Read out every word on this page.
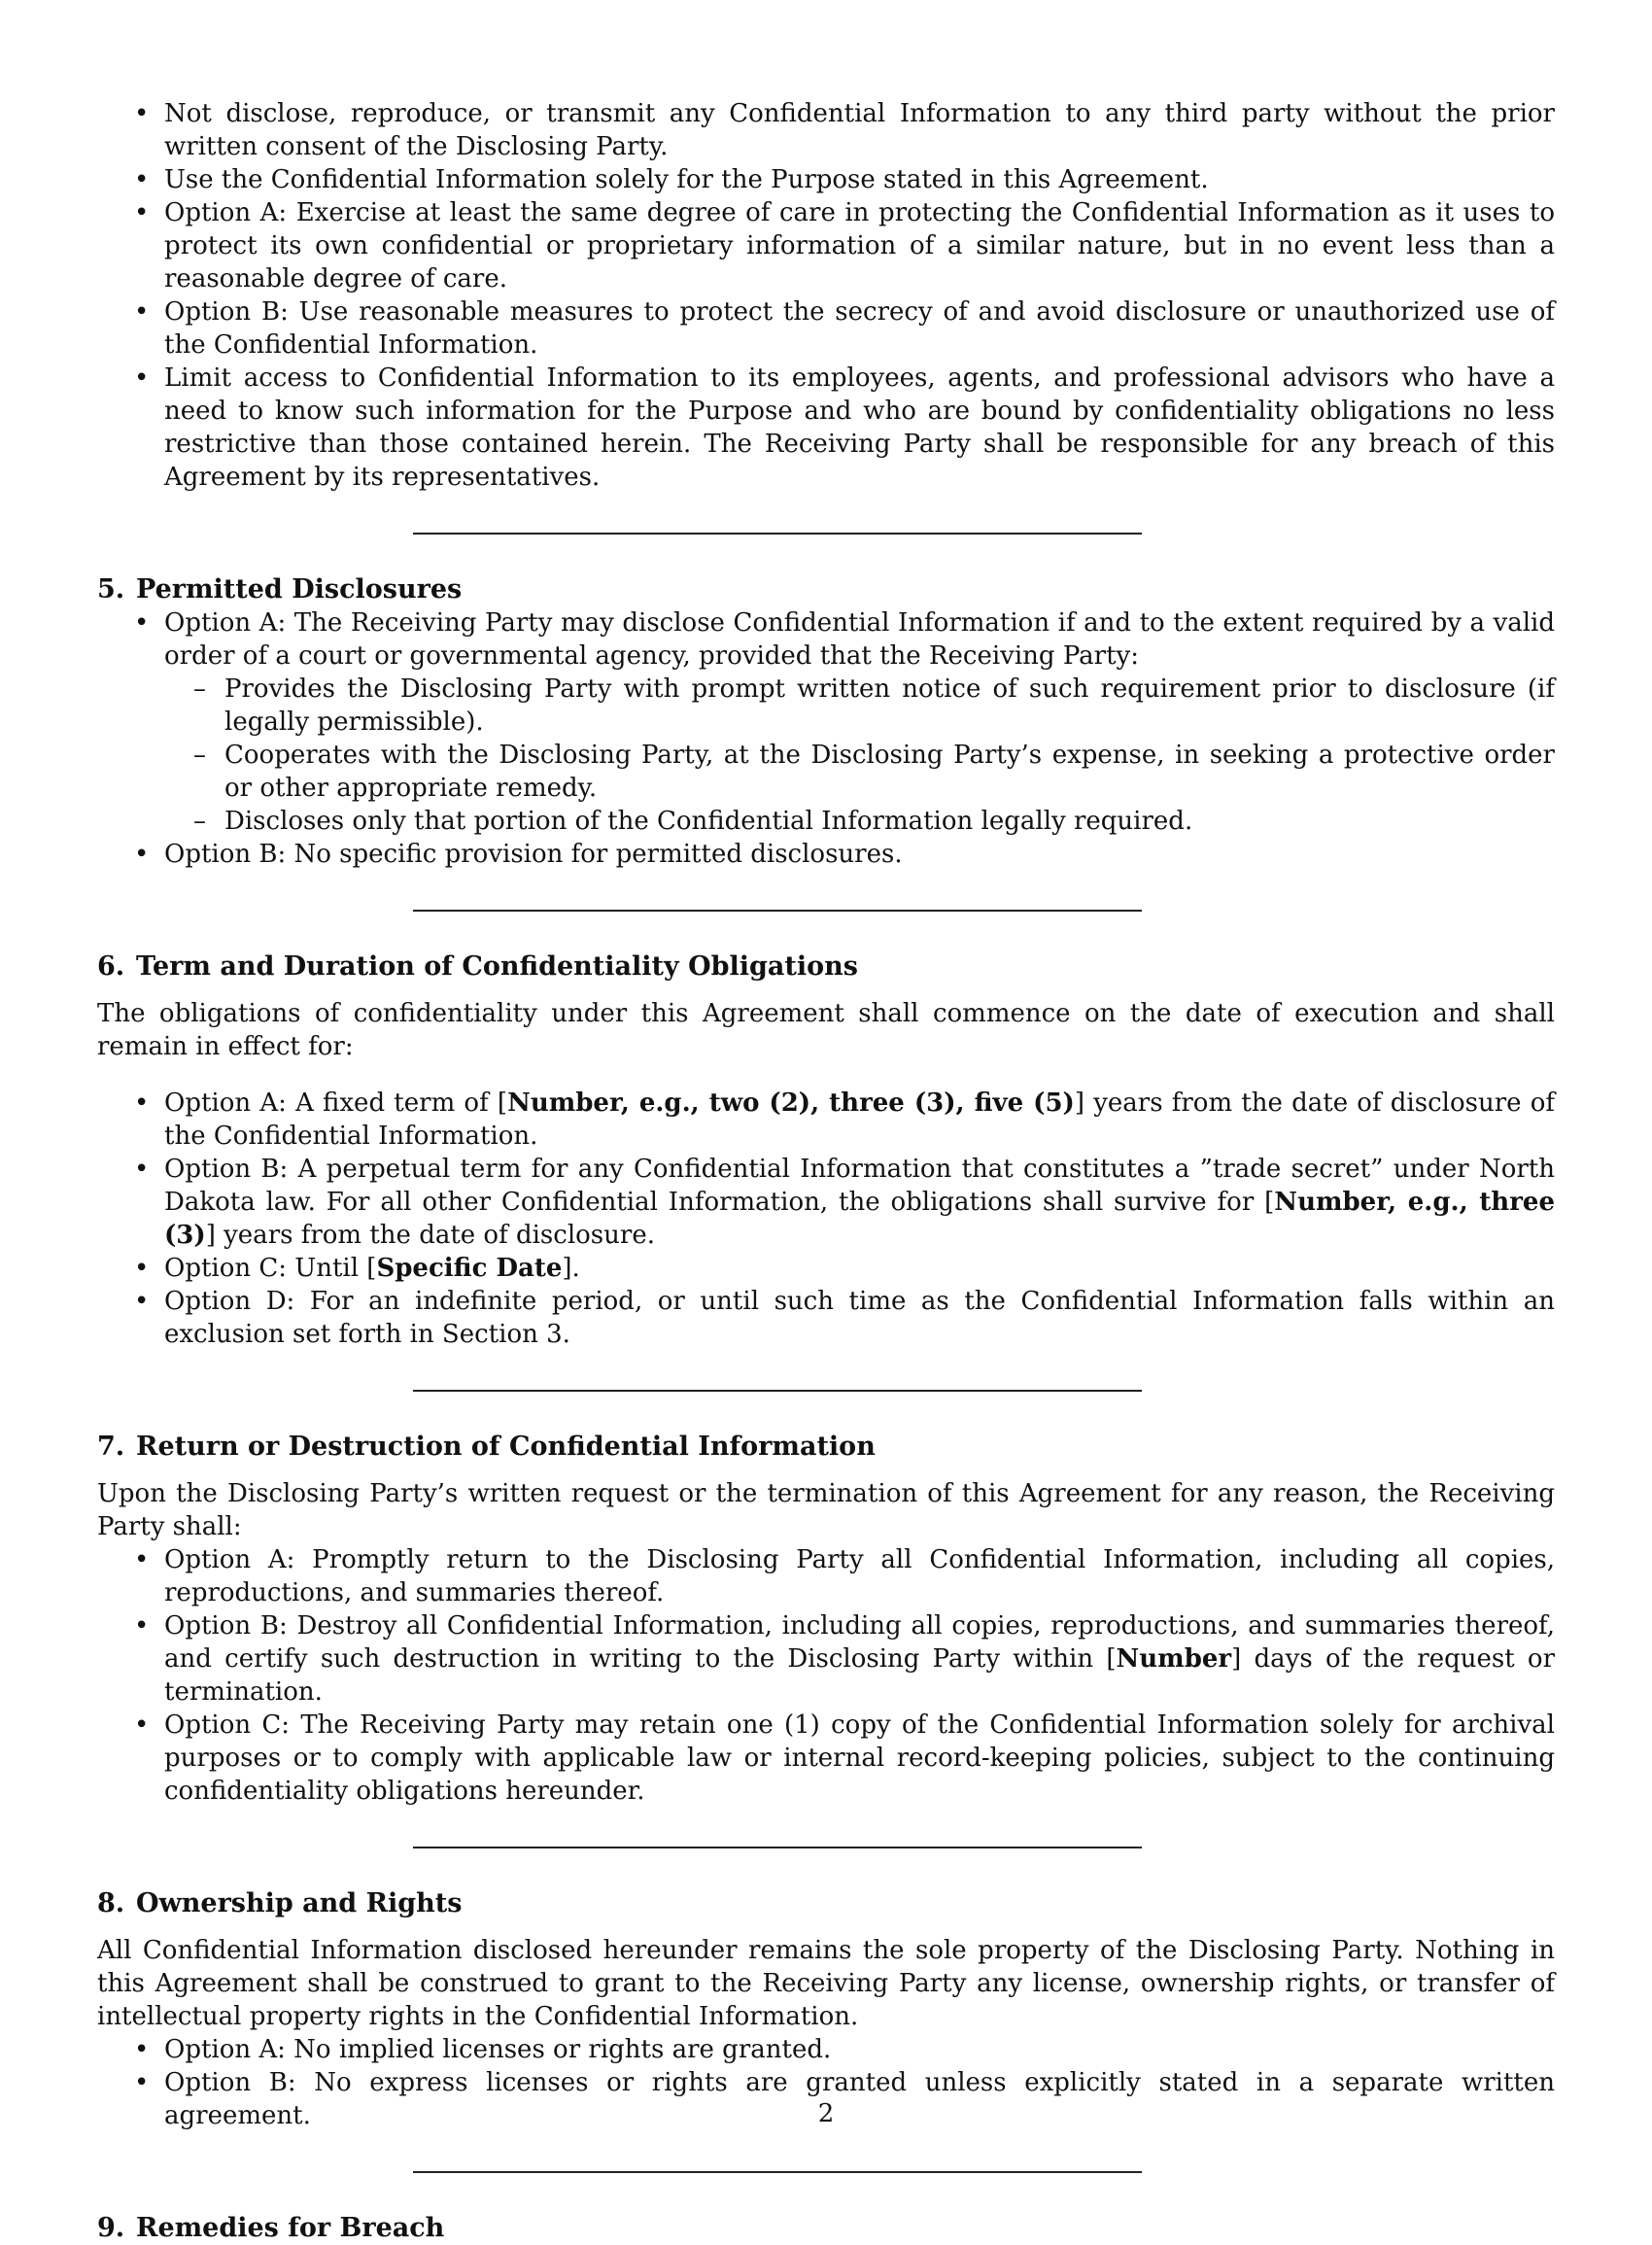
• Not disclose, reproduce, or transmit any Confidential Information to any third party without the prior written consent of the Disclosing Party.
• Use the Confidential Information solely for the Purpose stated in this Agreement.
• Option A: Exercise at least the same degree of care in protecting the Confidential Information as it uses to protect its own confidential or proprietary information of a similar nature, but in no event less than a reasonable degree of care.
• Option B: Use reasonable measures to protect the secrecy of and avoid disclosure or unauthorized use of the Confidential Information.
• Limit access to Confidential Information to its employees, agents, and professional advisors who have a need to know such information for the Purpose and who are bound by confidentiality obligations no less restrictive than those contained herein. The Receiving Party shall be responsible for any breach of this Agreement by its representatives.
5. Permitted Disclosures
• Option A: The Receiving Party may disclose Confidential Information if and to the extent required by a valid order of a court or governmental agency, provided that the Receiving Party:
– Provides the Disclosing Party with prompt written notice of such requirement prior to disclosure (if legally permissible).
– Cooperates with the Disclosing Party, at the Disclosing Party’s expense, in seeking a protective order or other appropriate remedy.
– Discloses only that portion of the Confidential Information legally required.
• Option B: No specific provision for permitted disclosures.
6. Term and Duration of Confidentiality Obligations

The obligations of confidentiality under this Agreement shall commence on the date of execution and shall remain in effect for:

• Option A: A fixed term of [Number, e.g., two (2), three (3), five (5)] years from the date of disclosure of the Confidential Information.
• Option B: A perpetual term for any Confidential Information that constitutes a ”trade secret” under North Dakota law. For all other Confidential Information, the obligations shall survive for [Number, e.g., three (3)] years from the date of disclosure.
• Option C: Until [Specific Date].
• Option D: For an indefinite period, or until such time as the Confidential Information falls within an exclusion set forth in Section 3.
7. Return or Destruction of Confidential Information

Upon the Disclosing Party’s written request or the termination of this Agreement for any reason, the Receiving Party shall:

• Option A: Promptly return to the Disclosing Party all Confidential Information, including all copies, reproductions, and summaries thereof.
• Option B: Destroy all Confidential Information, including all copies, reproductions, and summaries thereof, and certify such destruction in writing to the Disclosing Party within [Number] days of the request or termination.
• Option C: The Receiving Party may retain one (1) copy of the Confidential Information solely for archival purposes or to comply with applicable law or internal record-keeping policies, subject to the continuing confidentiality obligations hereunder.
8. Ownership and Rights

All Confidential Information disclosed hereunder remains the sole property of the Disclosing Party. Nothing in this Agreement shall be construed to grant to the Receiving Party any license, ownership rights, or transfer of intellectual property rights in the Confidential Information.

• Option A: No implied licenses or rights are granted.
• Option B: No express licenses or rights are granted unless explicitly stated in a separate written agreement.
9. Remedies for Breach
2
